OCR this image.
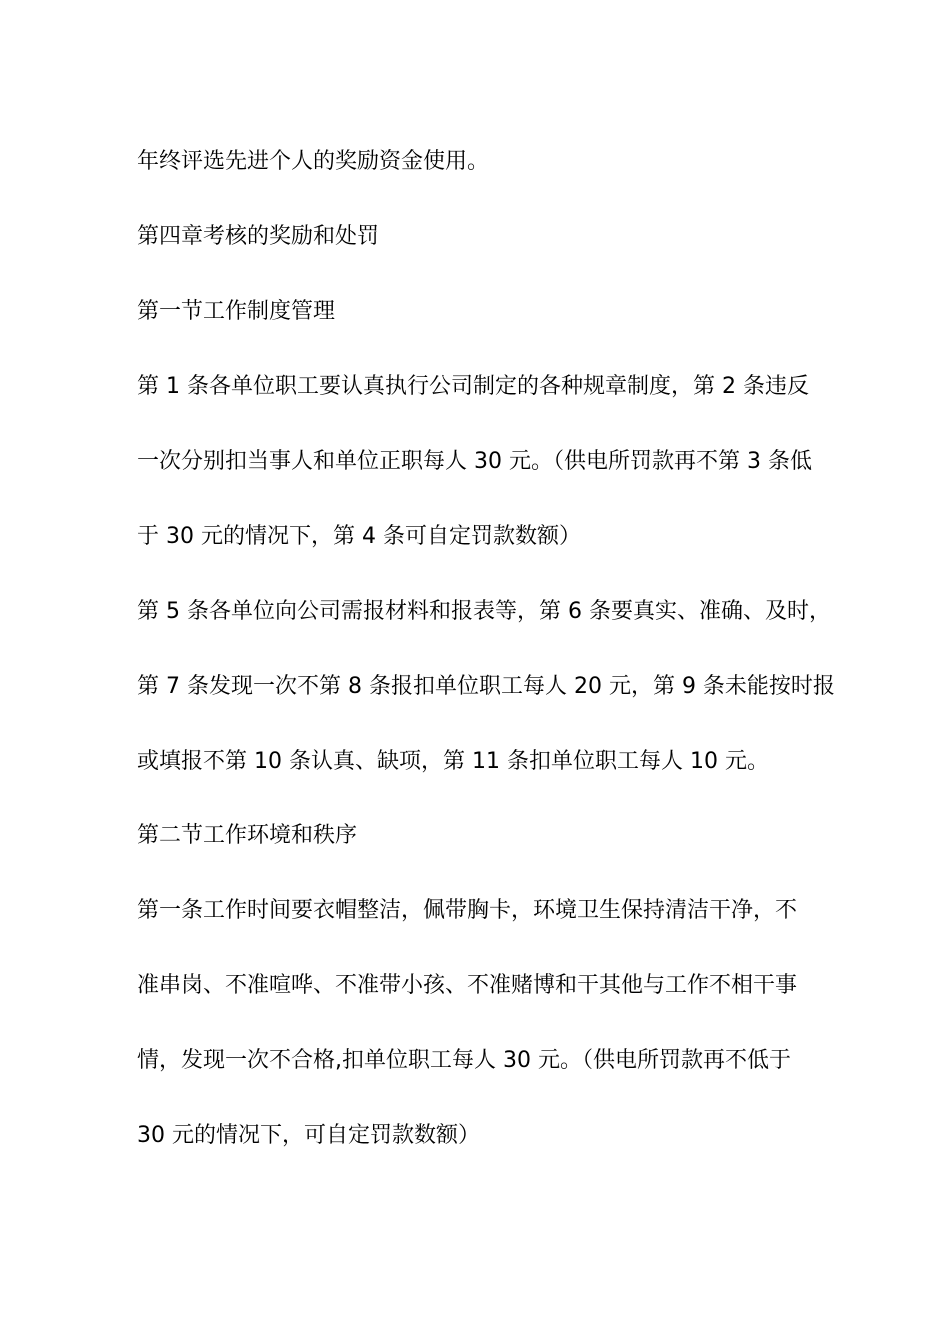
年终评选先进个人的奖励资金使用。
第四章考核的奖励和处罚
第一节工作制度管理
第 1 条各单位职工要认真执行公司制定的各种规章制度，第 2 条违反
一次分别扣当事人和单位正职每人 30 元。（供电所罚款再不第 3 条低
于 30 元的情况下，第 4 条可自定罚款数额）
第 5 条各单位向公司需报材料和报表等，第 6 条要真实、准确、及时，
第 7 条发现一次不第 8 条报扣单位职工每人 20 元，第 9 条未能按时报
或填报不第 10 条认真、缺项，第 11 条扣单位职工每人 10 元。
第二节工作环境和秩序
第一条工作时间要衣帽整洁，佩带胸卡，环境卫生保持清洁干净，不
准串岗、不准喧哗、不准带小孩、不准赌博和干其他与工作不相干事
情，发现一次不合格,扣单位职工每人 30 元。（供电所罚款再不低于
30 元的情况下，可自定罚款数额）
